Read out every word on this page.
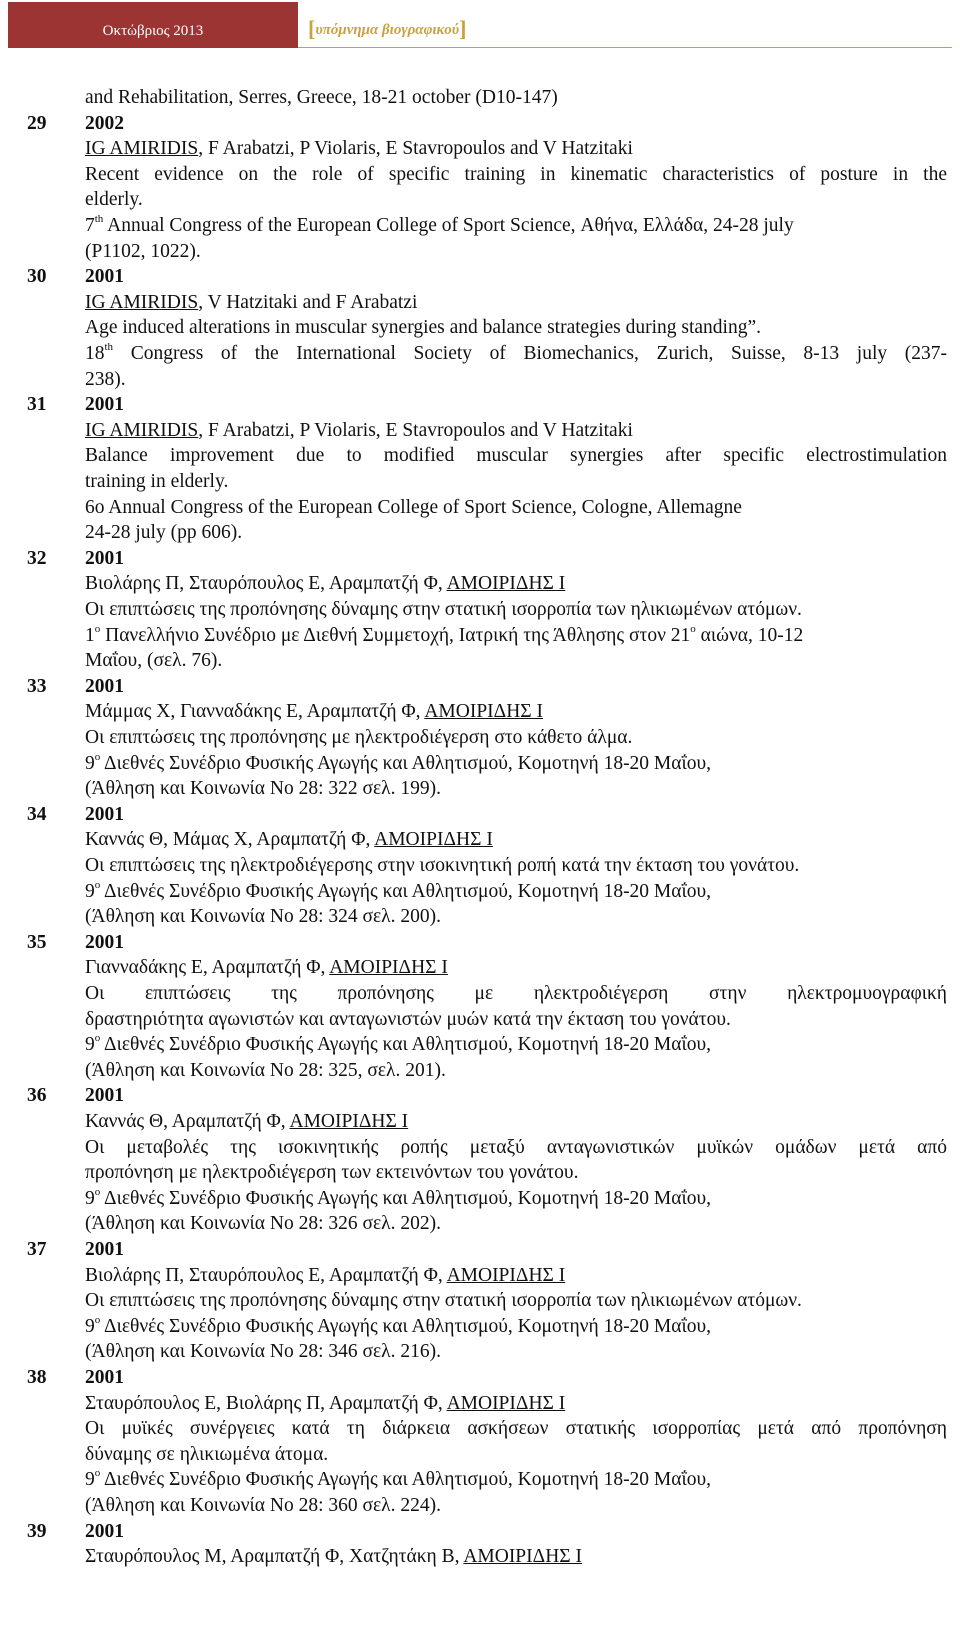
Οκτώβριος 2013	[υπόμνημα βιογραφικού]
and Rehabilitation, Serres, Greece, 18-21 october (D10-147)
29	2002
IG AMIRIDIS, F Arabatzi, P Violaris, E Stavropoulos and V Hatzitaki
Recent evidence on the role of specific training in kinematic characteristics of posture in the
elderly.
7th Annual Congress of the European College of Sport Science, Αθήνα, Ελλάδα, 24-28 july
(P1102, 1022).
30	2001
IG AMIRIDIS, V Hatzitaki and F Arabatzi
Age induced alterations in muscular synergies and balance strategies during standing”.
18th Congress of the International Society of Biomechanics, Zurich, Suisse, 8-13 july (237-
238).
31	2001
IG AMIRIDIS, F Arabatzi, P Violaris, E Stavropoulos and V Hatzitaki
Balance improvement due to modified muscular synergies after specific electrostimulation
training in elderly.
6o Annual Congress of the European College of Sport Science, Cologne, Allemagne
24-28 july (pp 606).
32	2001
Βιολάρης Π, Σταυρόπουλος Ε, Αραμπατζή Φ, ΑΜΟΙΡΙΔΗΣ Ι
Οι επιπτώσεις της προπόνησης δύναμης στην στατική ισορροπία των ηλικιωμένων ατόμων.
$1^o$ Πανελλήνιο Συνέδριο με Διεθνή Συμμετοχή, Ιατρική της Άθλησης στον $21^o$ αιώνα, 10-12
Μαΐου, (σελ. 76).
33	2001
Μάμμας Χ, Γιανναδάκης Ε, Αραμπατζή Φ, ΑΜΟΙΡΙΔΗΣ Ι
Οι επιπτώσεις της προπόνησης με ηλεκτροδιέγερση στο κάθετο άλμα.
$9^o$ Διεθνές Συνέδριο Φυσικής Αγωγής και Αθλητισμού, Κομοτηνή 18-20 Μαΐου,
(Άθληση και Κοινωνία Νο 28: 322 σελ. 199).
34	2001
Καννάς Θ, Μάμας Χ, Αραμπατζή Φ, ΑΜΟΙΡΙΔΗΣ Ι
Οι επιπτώσεις της ηλεκτροδιέγερσης στην ισοκινητική ροπή κατά την έκταση του γονάτου.
$9^o$ Διεθνές Συνέδριο Φυσικής Αγωγής και Αθλητισμού, Κομοτηνή 18-20 Μαΐου,
(Άθληση και Κοινωνία Νο 28: 324 σελ. 200).
35	2001
Γιανναδάκης Ε, Αραμπατζή Φ, ΑΜΟΙΡΙΔΗΣ Ι
Οι επιπτώσεις της προπόνησης με ηλεκτροδιέγερση στην ηλεκτρομυογραφική
δραστηριότητα αγωνιστών και ανταγωνιστών μυών κατά την έκταση του γονάτου.
$9^o$ Διεθνές Συνέδριο Φυσικής Αγωγής και Αθλητισμού, Κομοτηνή 18-20 Μαΐου,
(Άθληση και Κοινωνία Νο 28: 325, σελ. 201).
36	2001
Καννάς Θ, Αραμπατζή Φ, ΑΜΟΙΡΙΔΗΣ Ι
Οι μεταβολές της ισοκινητικής ροπής μεταξύ ανταγωνιστικών μυϊκών ομάδων μετά από
προπόνηση με ηλεκτροδιέγερση των εκτεινόντων του γονάτου.
$9^o$ Διεθνές Συνέδριο Φυσικής Αγωγής και Αθλητισμού, Κομοτηνή 18-20 Μαΐου,
(Άθληση και Κοινωνία Νο 28: 326 σελ. 202).
37	2001
Βιολάρης Π, Σταυρόπουλος Ε, Αραμπατζή Φ, ΑΜΟΙΡΙΔΗΣ Ι
Οι επιπτώσεις της προπόνησης δύναμης στην στατική ισορροπία των ηλικιωμένων ατόμων.
$9^o$ Διεθνές Συνέδριο Φυσικής Αγωγής και Αθλητισμού, Κομοτηνή 18-20 Μαΐου,
(Άθληση και Κοινωνία Νο 28: 346 σελ. 216).
38	2001
Σταυρόπουλος Ε, Βιολάρης Π, Αραμπατζή Φ, ΑΜΟΙΡΙΔΗΣ Ι
Οι μυϊκές συνέργειες κατά τη διάρκεια ασκήσεων στατικής ισορροπίας μετά από προπόνηση
δύναμης σε ηλικιωμένα άτομα.
$9^o$ Διεθνές Συνέδριο Φυσικής Αγωγής και Αθλητισμού, Κομοτηνή 18-20 Μαΐου,
(Άθληση και Κοινωνία Νο 28: 360 σελ. 224).
39	2001
Σταυρόπουλος Μ, Αραμπατζή Φ, Χατζητάκη Β, ΑΜΟΙΡΙΔΗΣ Ι
